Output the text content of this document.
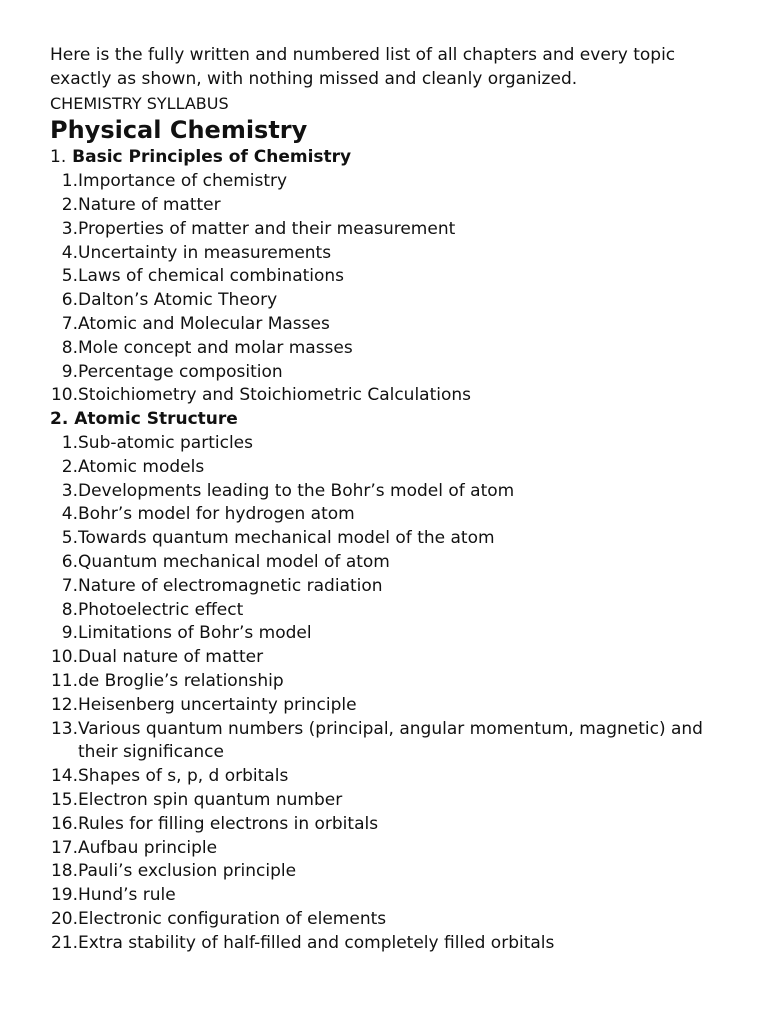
Here is the fully written and numbered list of all chapters and every topic exactly as shown, with nothing missed and cleanly organized.

CHEMISTRY SYLLABUS

Physical Chemistry
1. Basic Principles of Chemistry
1. Importance of chemistry
2. Nature of matter
3. Properties of matter and their measurement
4. Uncertainty in measurements
5. Laws of chemical combinations
6. Dalton’s Atomic Theory
7. Atomic and Molecular Masses
8. Mole concept and molar masses
9. Percentage composition
10. Stoichiometry and Stoichiometric Calculations
2. Atomic Structure
1. Sub-atomic particles
2. Atomic models
3. Developments leading to the Bohr’s model of atom
4. Bohr’s model for hydrogen atom
5. Towards quantum mechanical model of the atom
6. Quantum mechanical model of atom
7. Nature of electromagnetic radiation
8. Photoelectric effect
9. Limitations of Bohr’s model
10. Dual nature of matter
11. de Broglie’s relationship
12. Heisenberg uncertainty principle
13. Various quantum numbers (principal, angular momentum, magnetic) and their significance
14. Shapes of s, p, d orbitals
15. Electron spin quantum number
16. Rules for filling electrons in orbitals
17. Aufbau principle
18. Pauli’s exclusion principle
19. Hund’s rule
20. Electronic configuration of elements
21. Extra stability of half-filled and completely filled orbitals
